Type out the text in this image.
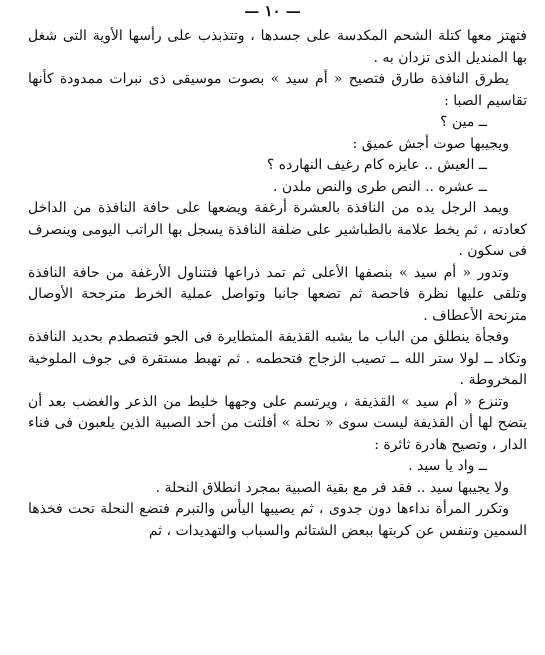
— ١٠ —

فتهتز معها كتلة الشحم المكدسة على جسدها ، وتتذبذب على رأسها الأوية التى شغل بها المنديل الذى تزدان به .

يطرق النافذة طارق فتصيح « أم سيد » بصوت موسيقى ذى نبرات ممدودة كأنها تقاسيم الصبا :

ــ مين ؟

ويجيبها صوت أجش عميق :

ــ العيش .. عايزه كام رغيف النهارده ؟

ــ عشره .. النص طرى والنص ملدن .

ويمد الرجل يده من النافذة بالعشرة أرغفة ويضعها على حافة النافذة من الداخل كعادته ، ثم يخط علامة بالطباشير على ضلفة النافذة يسجل بها الراتب اليومى وينصرف فى سكون .

وتدور « أم سيد » بنصفها الأعلى ثم تمد ذراعها فتتناول الأرغفة من حافة النافذة وتلقى عليها نظرة فاحصة ثم تضعها جانبا وتواصل عملية الخرط مترجحة الأوصال مترنحة الأعطاف .

وفجأة ينطلق من الباب ما يشبه القذيفة المتطايرة فى الجو فتصطدم بحديد النافذة وتكاد ــ لولا ستر الله ــ تصيب الزجاج فتحطمه . ثم تهبط مستقرة فى جوف الملوخية المخروطة .

وتنزع « أم سيد » القذيفة ، ويرتسم على وجهها خليط من الذعر والغضب بعد أن يتضح لها أن القذيفة ليست سوى « نحلة » أفلتت من أحد الصبية الذين يلعبون فى فناء الدار ، وتصيح هادرة ثائرة :

ــ واد يا سيد .

ولا يجيبها سيد .. فقد فر مع بقية الصبية بمجرد انطلاق النحلة .

وتكرر المرأة نداءها دون جدوى ، ثم يصيبها اليأس والتبرم فتضع النحلة تحت فخذها السمين وتنفس عن كربتها ببعض الشتائم والسباب والتهديدات ، ثم
